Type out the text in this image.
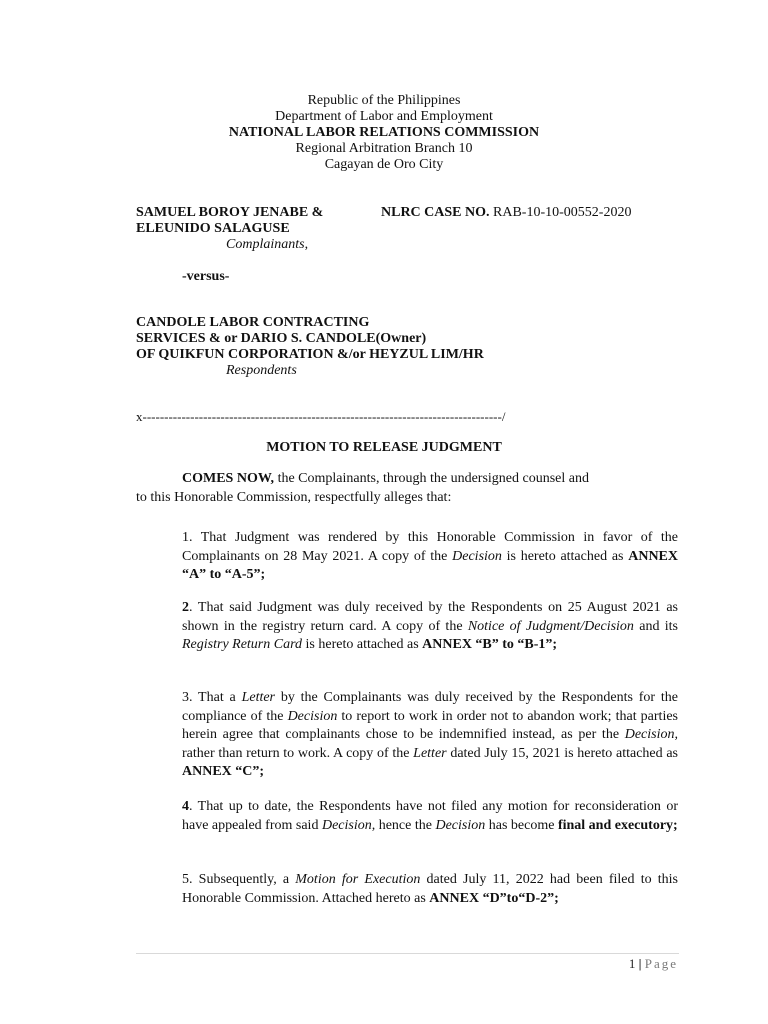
Republic of the Philippines
Department of Labor and Employment
NATIONAL LABOR RELATIONS COMMISSION
Regional Arbitration Branch 10
Cagayan de Oro City
SAMUEL BOROY JENABE &
ELEUNIDO SALAGUSE
Complainants,
NLRC CASE NO. RAB-10-10-00552-2020
-versus-
CANDOLE LABOR CONTRACTING
SERVICES & or DARIO S. CANDOLE(Owner)
OF QUIKFUN CORPORATION &/or HEYZUL LIM/HR
Respondents
x-----------------------------------------------------------------------------------/
MOTION TO RELEASE JUDGMENT
COMES NOW, the Complainants, through the undersigned counsel and
to this Honorable Commission, respectfully alleges that:
1. That Judgment was rendered by this Honorable Commission in favor of the Complainants on 28 May 2021. A copy of the Decision is hereto attached as ANNEX “A” to “A-5”;
2. That said Judgment was duly received by the Respondents on 25 August 2021 as shown in the registry return card. A copy of the Notice of Judgment/Decision and its Registry Return Card is hereto attached as ANNEX “B” to “B-1”;
3. That a Letter by the Complainants was duly received by the Respondents for the compliance of the Decision to report to work in order not to abandon work; that parties herein agree that complainants chose to be indemnified instead, as per the Decision, rather than return to work. A copy of the Letter dated July 15, 2021 is hereto attached as ANNEX “C”;
4. That up to date, the Respondents have not filed any motion for reconsideration or have appealed from said Decision, hence the Decision has become final and executory;
5. Subsequently, a Motion for Execution dated July 11, 2022 had been filed to this Honorable Commission. Attached hereto as ANNEX “D”to“D-2”;
1 | Page
